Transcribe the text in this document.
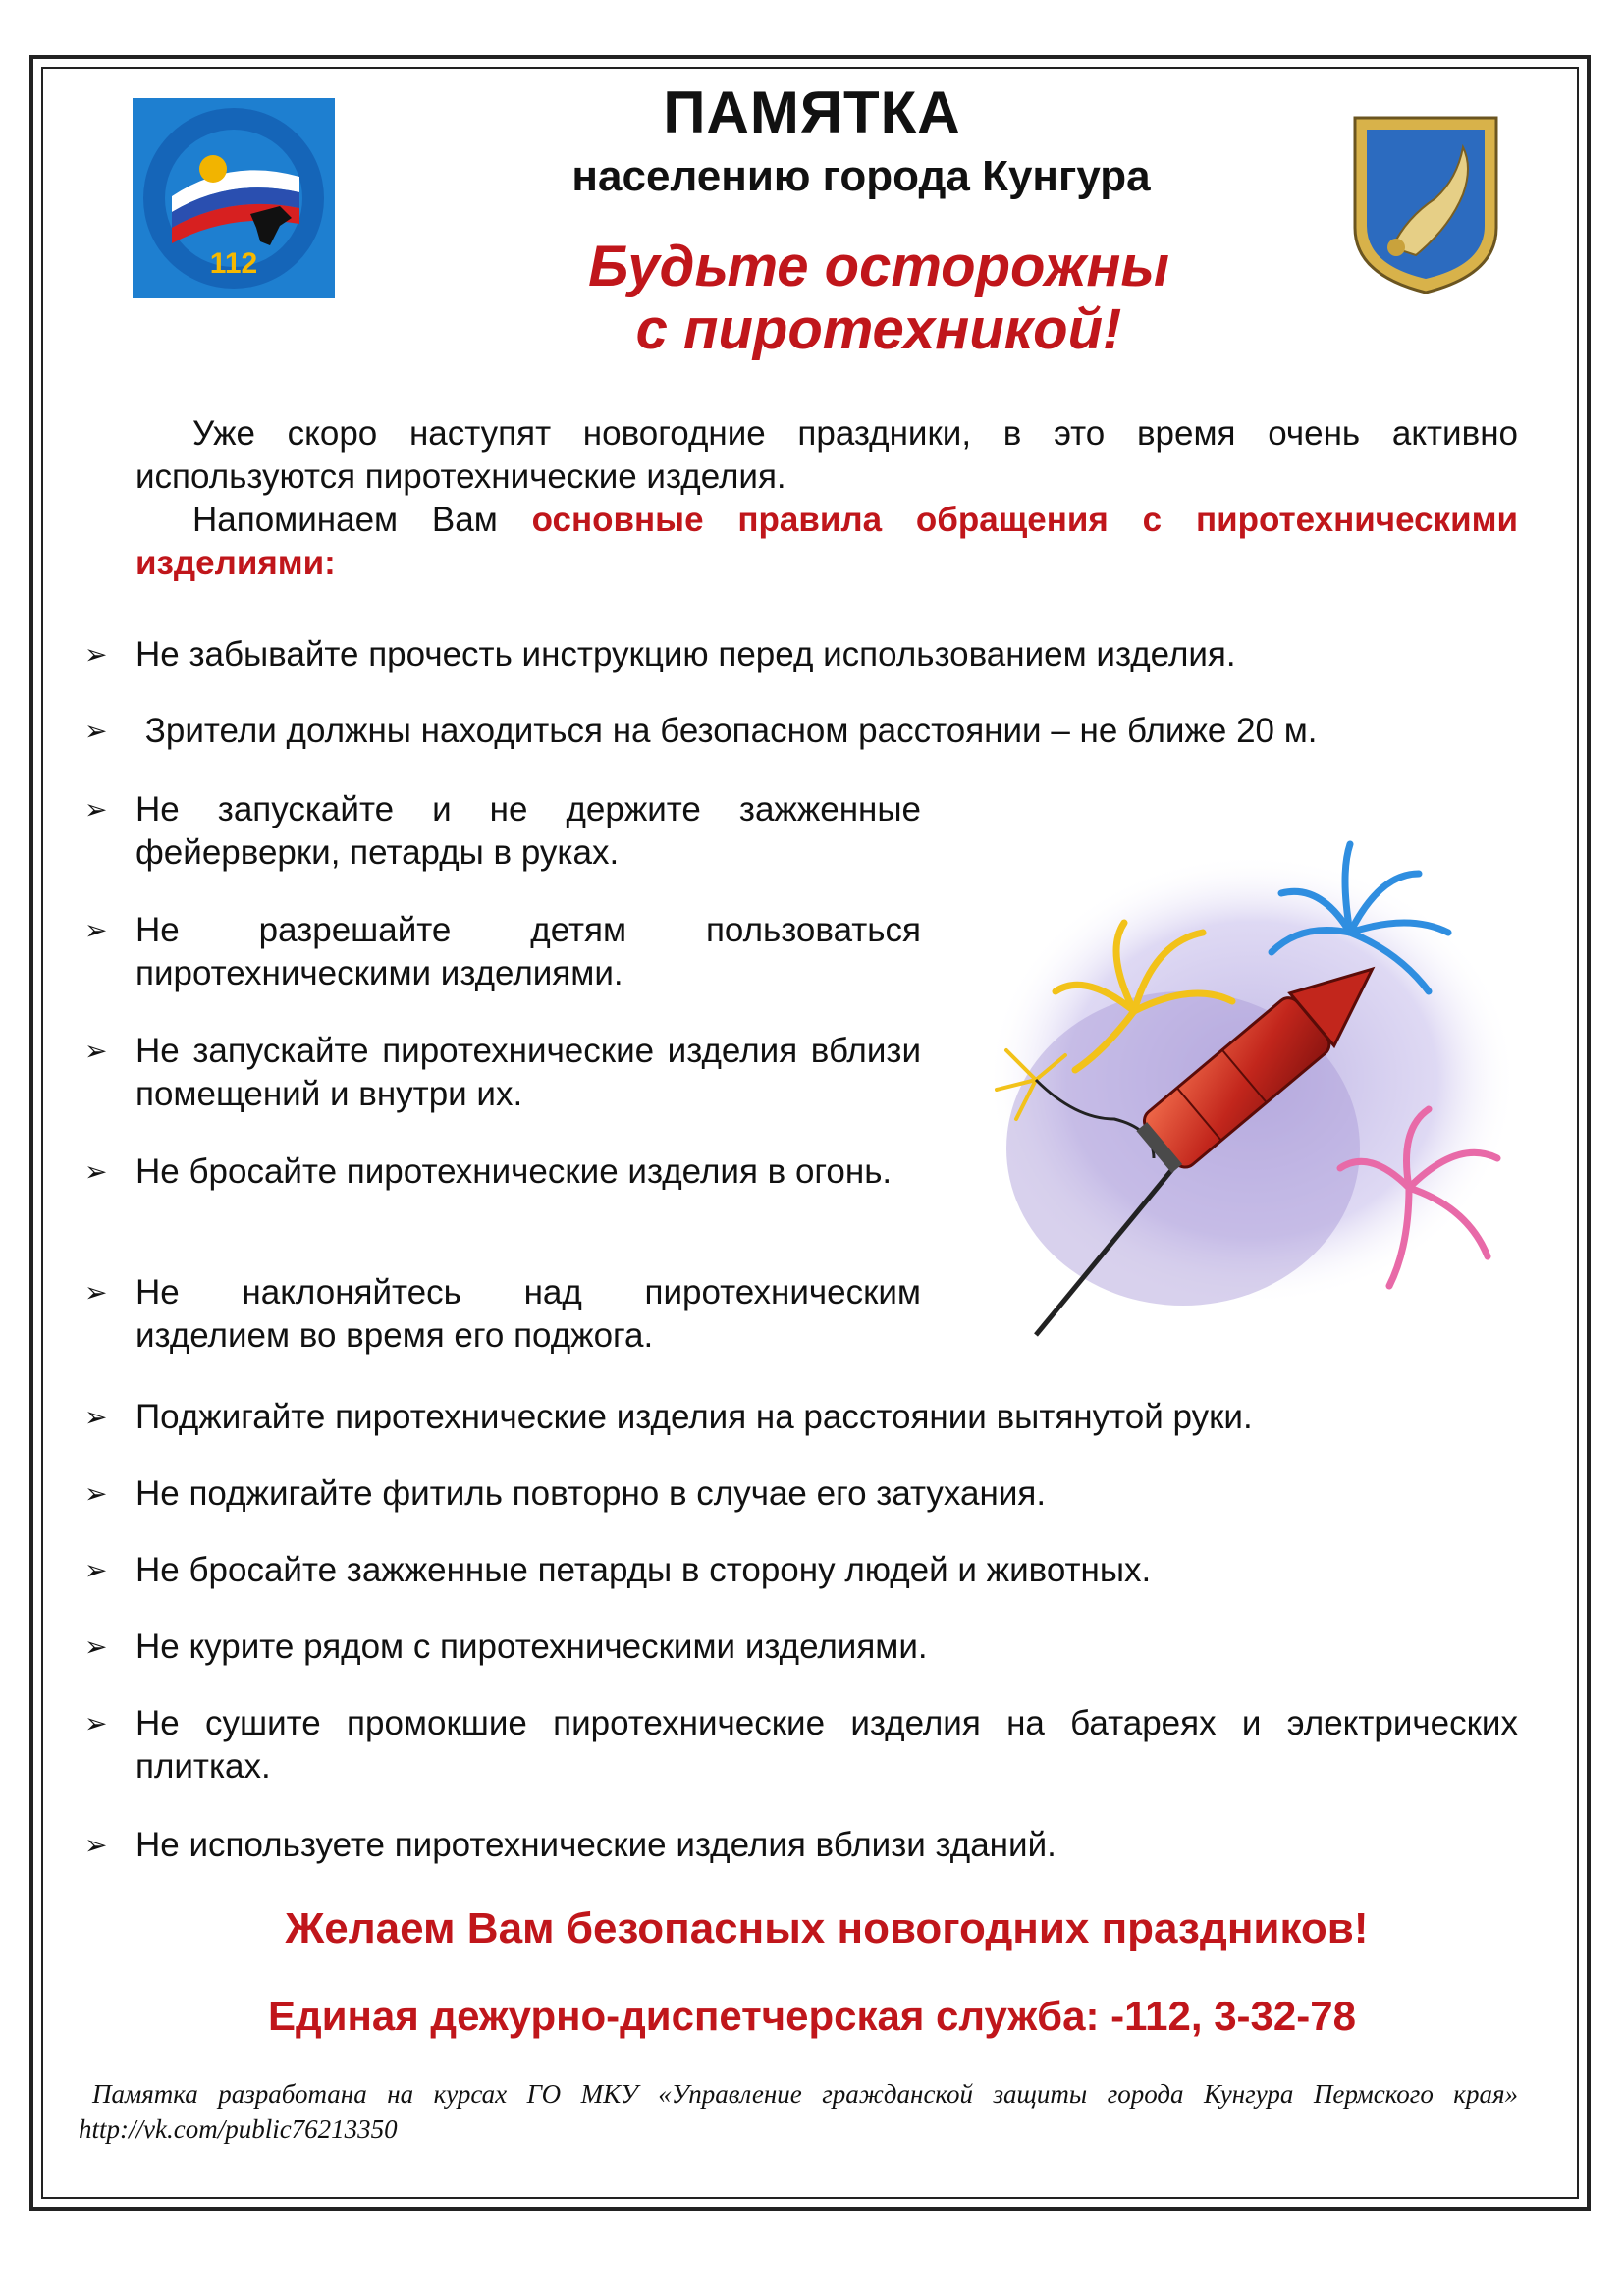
112
ПАМЯТКА
населению города Кунгура
Будьте осторожны
с пиротехникой!

Уже скоро наступят новогодние праздники, в это время очень активно используются пиротехнические изделия.

Напоминаем Вам основные правила обращения с пиротехническими изделиями:

➢ Не забывайте прочесть инструкцию перед использованием изделия.
➢ Зрители должны находиться на безопасном расстоянии – не ближе 20 м.
➢ Не запускайте и не держите зажженные фейерверки, петарды в руках.
➢ Не разрешайте детям пользоваться пиротехническими изделиями.
➢ Не запускайте пиротехнические изделия вблизи помещений и внутри их.
➢ Не бросайте пиротехнические изделия в огонь.
➢ Не наклоняйтесь над пиротехническим изделием во время его поджога.
➢ Поджигайте пиротехнические изделия на расстоянии вытянутой руки.
➢ Не поджигайте фитиль повторно в случае его затухания.
➢ Не бросайте зажженные петарды в сторону людей и животных.
➢ Не курите рядом с пиротехническими изделиями.
➢ Не сушите промокшие пиротехнические изделия на батареях и электрических плитках.
➢ Не используете пиротехнические изделия вблизи зданий.
Желаем Вам безопасных новогодних праздников!
Единая дежурно-диспетчерская служба: -112, 3-32-78
Памятка разработана на курсах ГО МКУ «Управление гражданской защиты города Кунгура Пермского края» http://vk.com/public76213350
